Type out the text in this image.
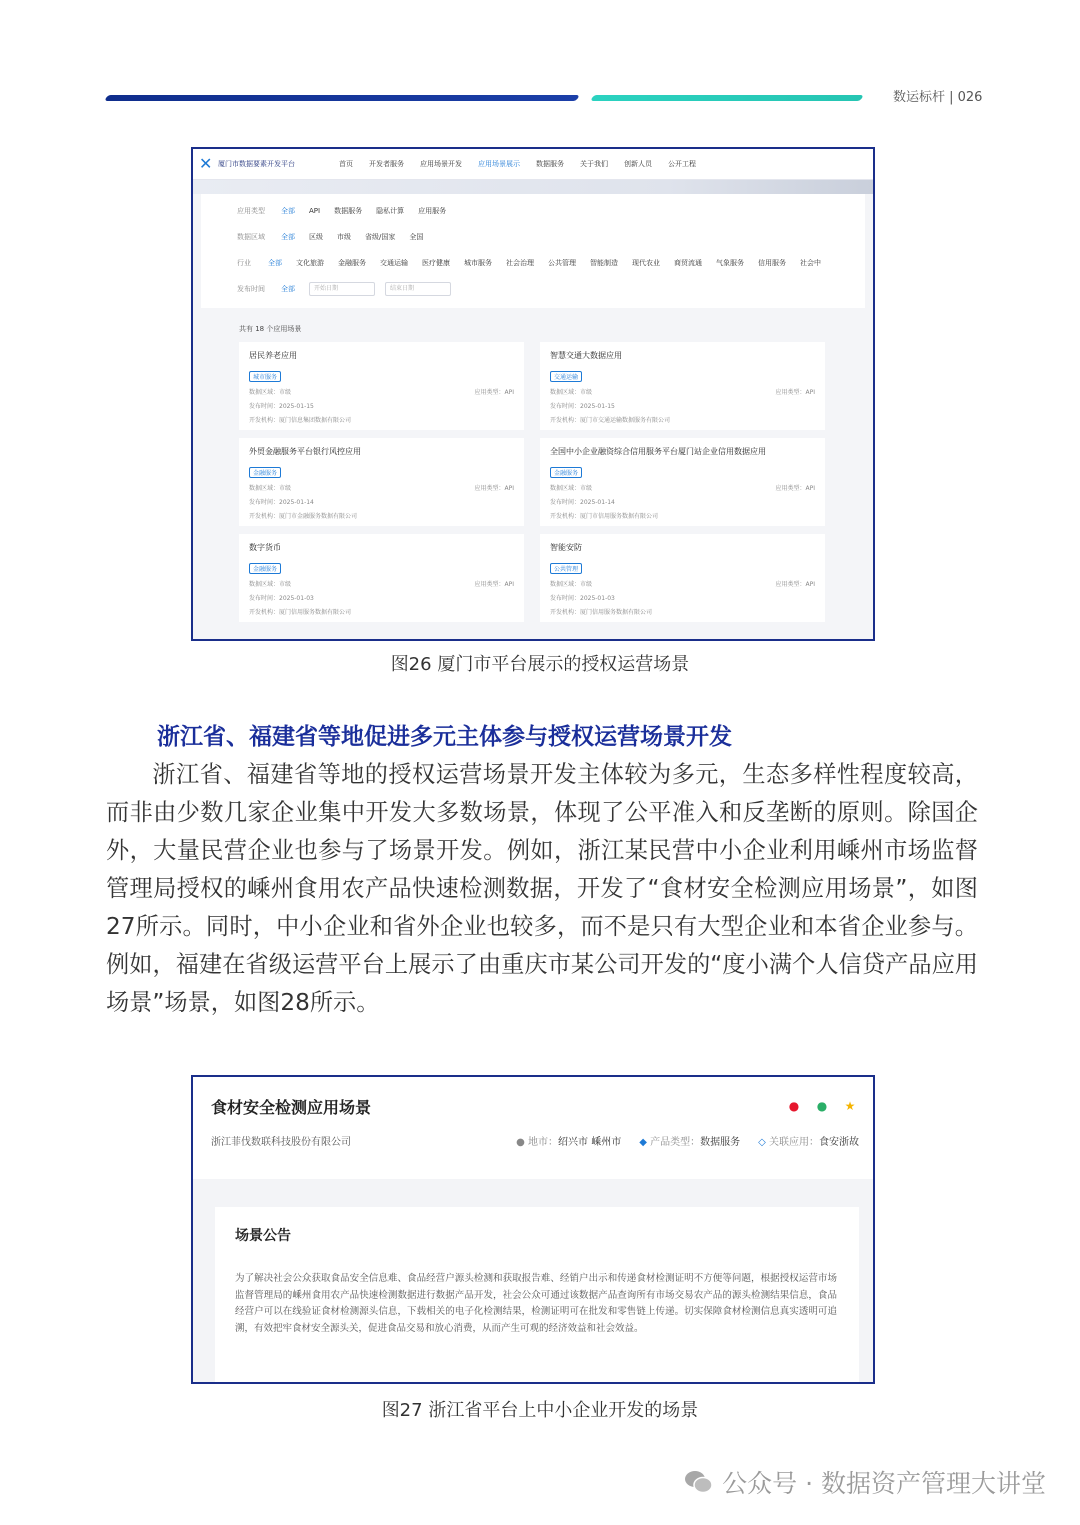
数运标杆 | 026
✕ 厦门市数据要素开发平台	首页 开发者服务 应用场景开发 应用场景展示 数据服务 关于我们 创新人员 公开工程
应用类型	全部 API 数据服务 隐私计算 应用服务
数据区域	全部 区级 市级 省级/国家 全国
行业	全部 文化旅游 金融服务 交通运输 医疗健康 城市服务 社会治理 公共管理 智能制造 现代农业 商贸流通 气象服务 信用服务 社会中
发布时间	全部	开始日期	结束日期
共有 18 个应用场景
居民养老应用
城市服务
数据区域：市级	应用类型：API
发布时间：2025-01-15
开发机构：厦门信息集团数据有限公司
智慧交通大数据应用
交通运输
数据区域：市级	应用类型：API
发布时间：2025-01-15
开发机构：厦门市交通运输数据服务有限公司
外贸金融服务平台银行风控应用
金融服务
数据区域：市级	应用类型：API
发布时间：2025-01-14
开发机构：厦门市金融服务数据有限公司
全国中小企业融资综合信用服务平台厦门站企业信用数据应用
金融服务
数据区域：市级	应用类型：API
发布时间：2025-01-14
开发机构：厦门市信用服务数据有限公司
数字货币
金融服务
数据区域：市级	应用类型：API
发布时间：2025-01-03
开发机构：厦门信用服务数据有限公司
智能安防
公共管理
数据区域：市级	应用类型：API
发布时间：2025-01-03
开发机构：厦门信用服务数据有限公司
图26 厦门市平台展示的授权运营场景
浙江省、福建省等地促进多元主体参与授权运营场景开发

浙江省、福建省等地的授权运营场景开发主体较为多元，生态多样性程度较高，而非由少数几家企业集中开发大多数场景，体现了公平准入和反垄断的原则。除国企外，大量民营企业也参与了场景开发。例如，浙江某民营中小企业利用嵊州市场监督管理局授权的嵊州食用农产品快速检测数据，开发了“食材安全检测应用场景”，如图27所示。同时，中小企业和省外企业也较多，而不是只有大型企业和本省企业参与。例如，福建在省级运营平台上展示了由重庆市某公司开发的“度小满个人信贷产品应用场景”场景，如图28所示。

食材安全检测应用场景	● ● ★
浙江菲伐数联科技股份有限公司	● 地市：绍兴市 嵊州市 ◆ 产品类型：数据服务 ◇ 关联应用：食安浙故
场景公告
为了解决社会公众获取食品安全信息难、食品经营户源头检测和获取报告难、经销户出示和传递食材检测证明不方便等问题，根据授权运营市场监督管理局的嵊州食用农产品快速检测数据进行数据产品开发，社会公众可通过该数据产品查询所有市场交易农产品的源头检测结果信息，食品经营户可以在线验证食材检测源头信息，下载相关的电子化检测结果，检测证明可在批发和零售链上传递。切实保障食材检测信息真实透明可追溯，有效把牢食材安全源头关，促进食品交易和放心消费，从而产生可观的经济效益和社会效益。
图27 浙江省平台上中小企业开发的场景
公众号 · 数据资产管理大讲堂
